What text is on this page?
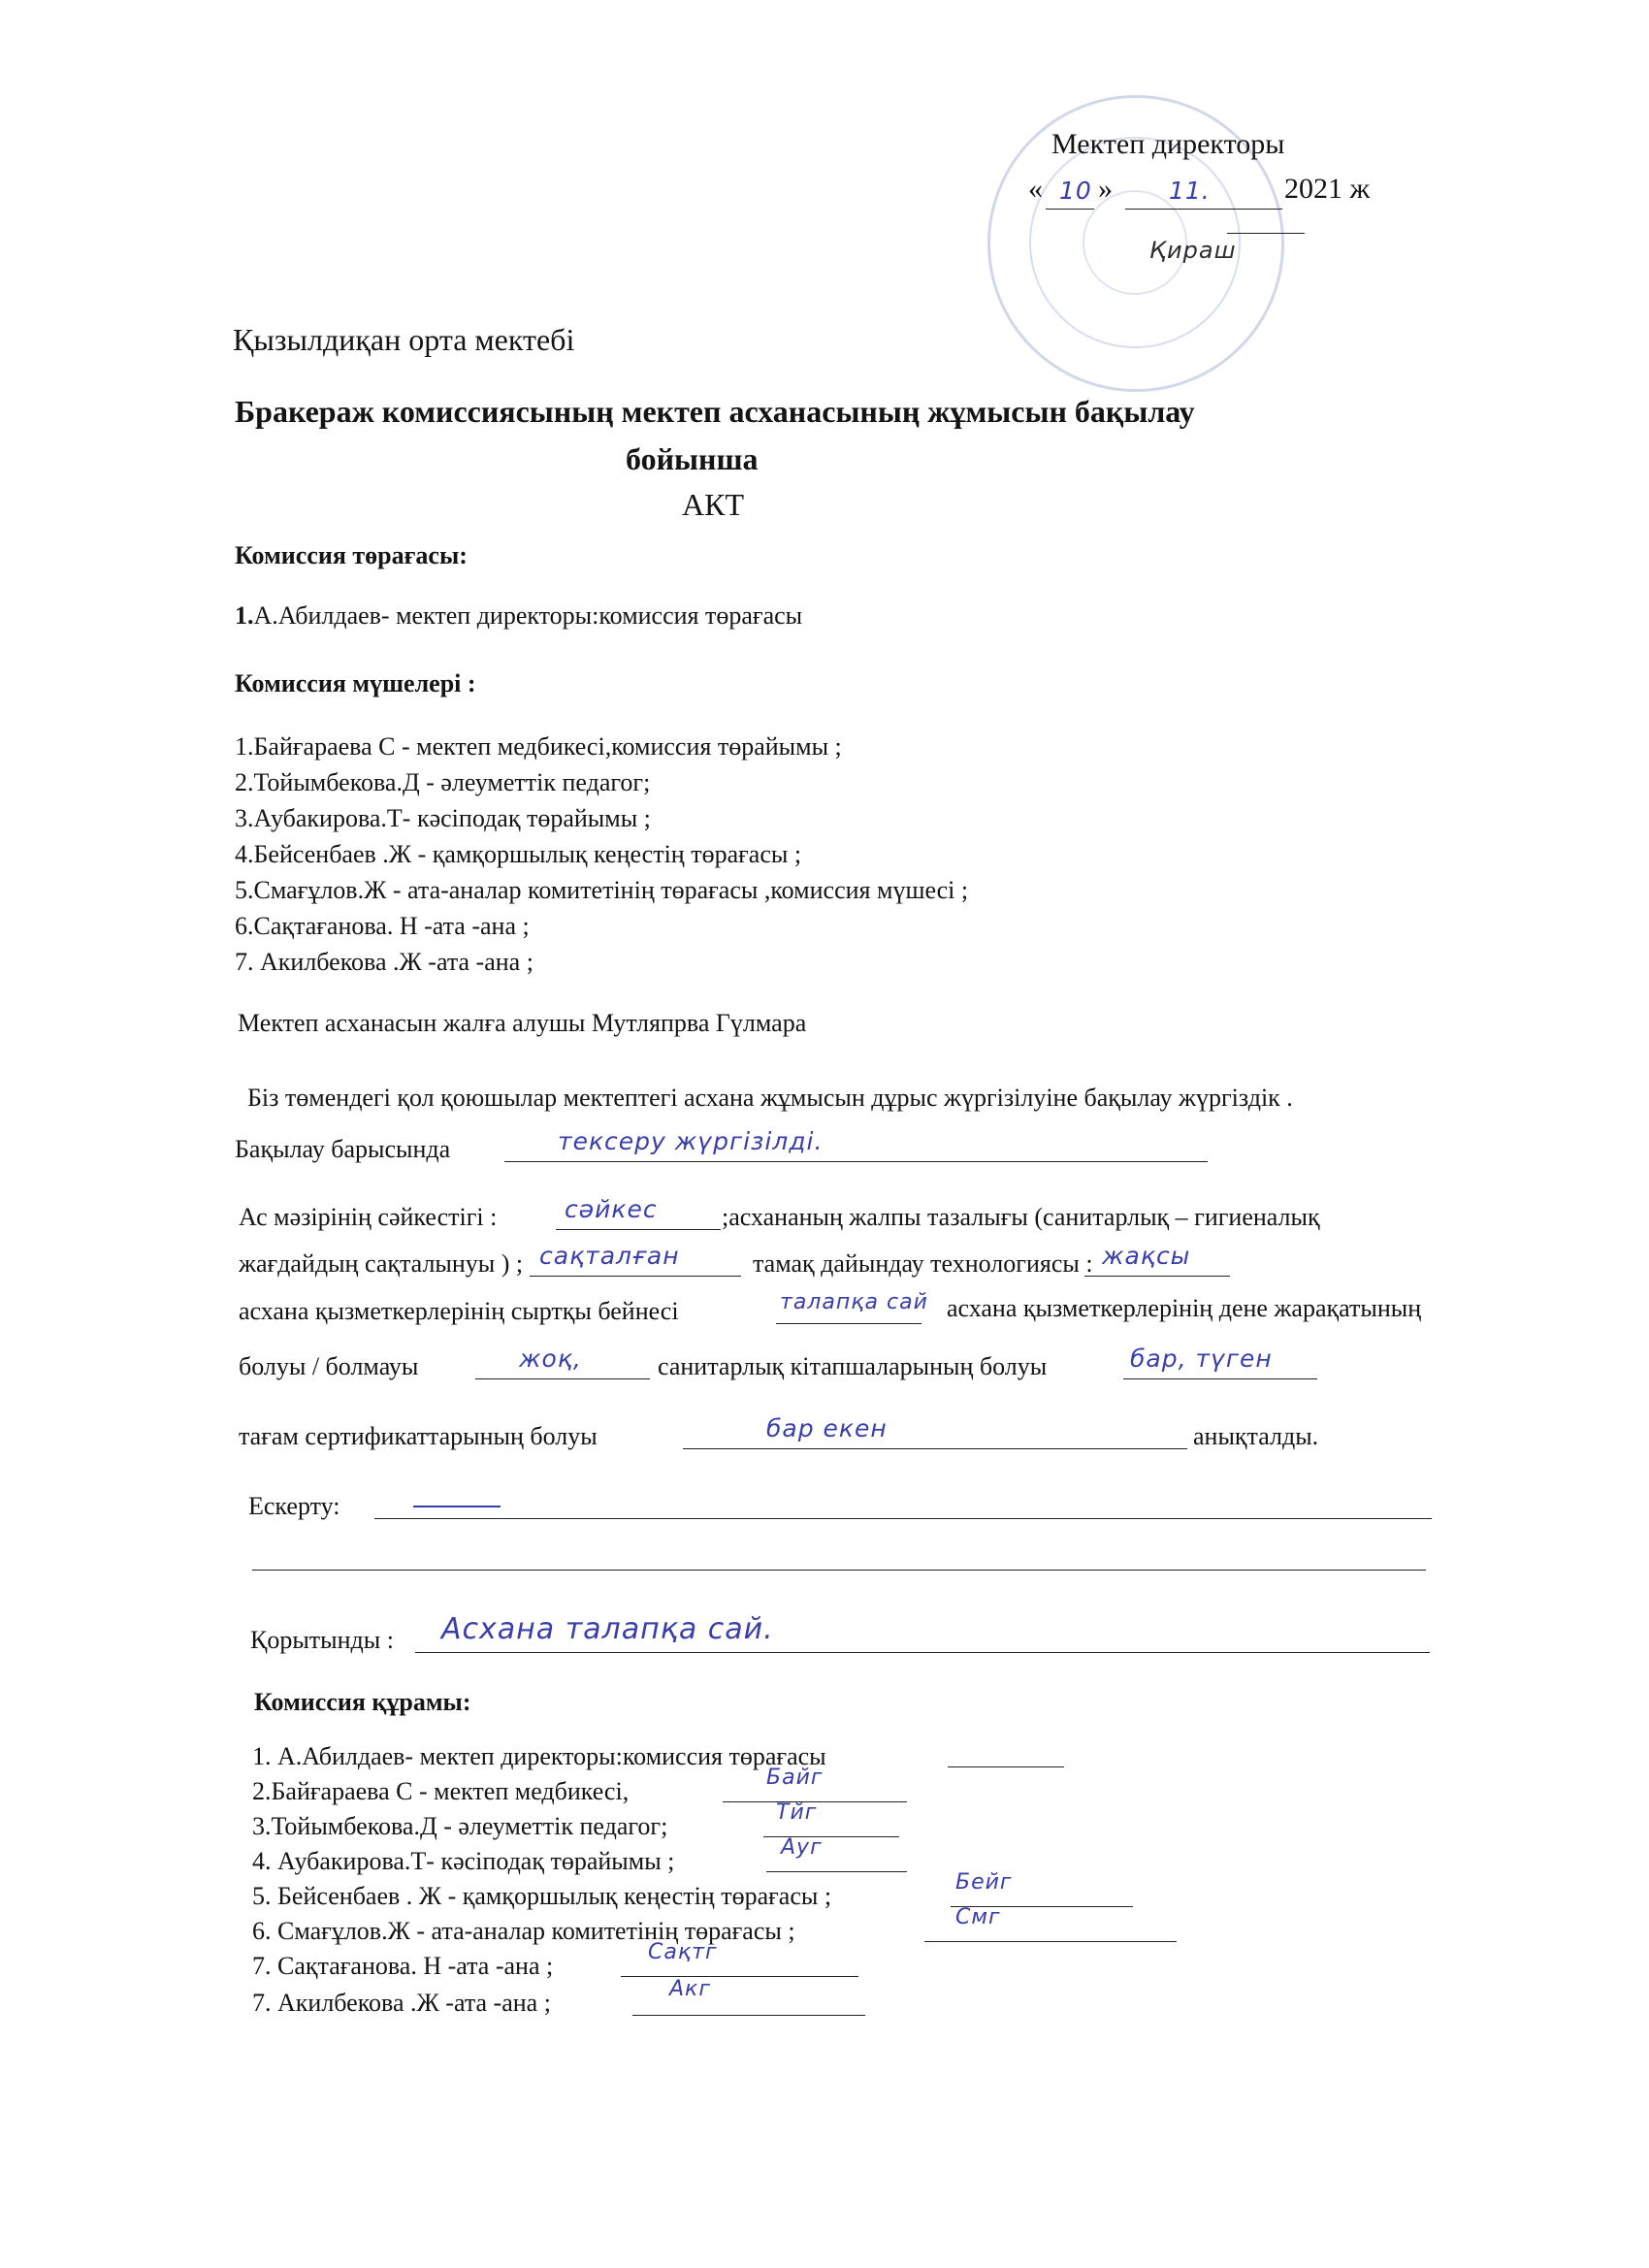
Мектеп директоры
« 10 » 11.	2021 ж
Қираш
Қызылдиқан орта мектебі
Бракераж комиссиясының мектеп асханасының жұмысын бақылау
бойынша
АКТ
Комиссия төрағасы:
1.А.Абилдаев- мектеп директоры:комиссия төрағасы
Комиссия мүшелері :
1.Байғараева С - мектеп медбикесі,комиссия төрайымы ;
2.Тойымбекова.Д - әлеуметтік педагог;
3.Аубакирова.Т- кәсіподақ төрайымы ;
4.Бейсенбаев .Ж - қамқоршылық кеңестің төрағасы ;
5.Смағұлов.Ж - ата-аналар комитетінің төрағасы ,комиссия мүшесі ;
6.Сақтағанова. Н -ата -ана ;
7. Акилбекова .Ж -ата -ана ;
Мектеп асханасын жалға алушы Мутляпрва Гүлмара
Біз төмендегі қол қоюшылар мектептегі асхана жұмысын дұрыс жүргізілуіне бақылау жүргіздік .
Бақылау барысында	тексеру жүргізілді.
Ас мәзірінің сәйкестігі :	сәйкес	;асхананың жалпы тазалығы (санитарлық – гигиеналық
жағдайдың сақталынуы ) ; сақталған	тамақ дайындау технологиясы : жақсы
асхана қызметкерлерінің сыртқы бейнесі	талапқа сай асхана қызметкерлерінің дене жарақатының
болуы / болмауы	жоқ,	санитарлық кітапшаларының болуы	бар, түген
тағам сертификаттарының болуы	бар екен	анықталды.
Ескерту:
Қорытынды : Асхана талапқа сай.
Комиссия құрамы:
1. А.Абилдаев- мектеп директоры:комиссия төрағасы
2.Байғараева С - мектеп медбикесі,	Байг
3.Тойымбекова.Д - әлеуметтік педагог;	Тйг
4. Аубакирова.Т- кәсіподақ төрайымы ;	Ауг
5. Бейсенбаев . Ж - қамқоршылық кеңестің төрағасы ;	Бейг
6. Смағұлов.Ж - ата-аналар комитетінің төрағасы ;	Смг
7. Сақтағанова. Н -ата -ана ;	Сақтг
7. Акилбекова .Ж -ата -ана ;	Акг
